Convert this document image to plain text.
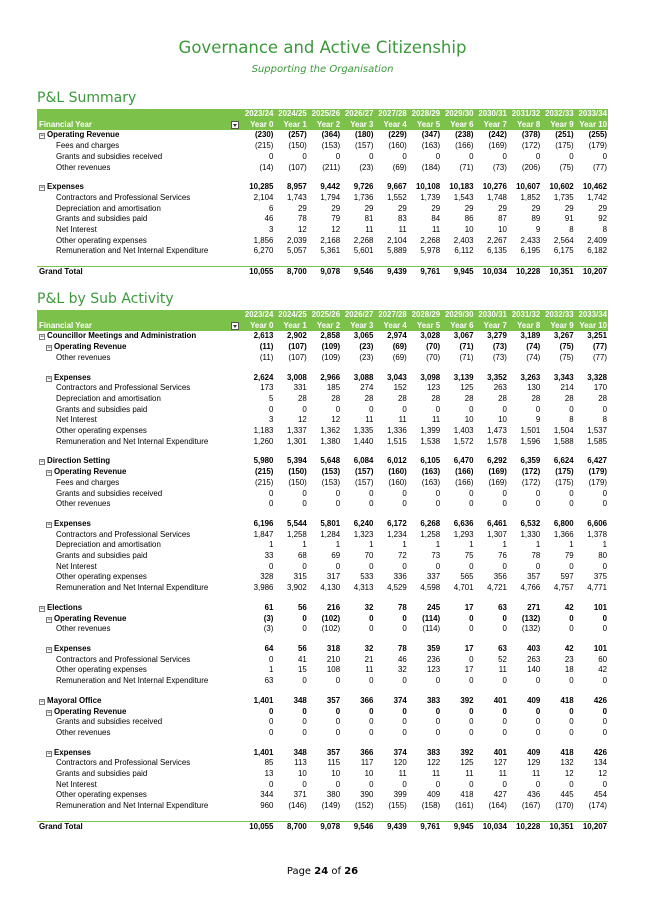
Governance and Active Citizenship
Supporting the Organisation
P&L Summary
	2023/24	2024/25	2025/26	2026/27	2027/28	2028/29	2029/30	2030/31	2031/32	2032/33	2033/34
Financial Year	Year 0	Year 1	Year 2	Year 3	Year 4	Year 5	Year 6	Year 7	Year 8	Year 9	Year 10
− Operating Revenue	(230)	(257)	(364)	(180)	(229)	(347)	(238)	(242)	(378)	(251)	(255)
Fees and charges	(215)	(150)	(153)	(157)	(160)	(163)	(166)	(169)	(172)	(175)	(179)
Grants and subsidies received	0	0	0	0	0	0	0	0	0	0	0
Other revenues	(14)	(107)	(211)	(23)	(69)	(184)	(71)	(73)	(206)	(75)	(77)

− Expenses	10,285	8,957	9,442	9,726	9,667	10,108	10,183	10,276	10,607	10,602	10,462
Contractors and Professional Services	2,104	1,743	1,794	1,736	1,552	1,739	1,543	1,748	1,852	1,735	1,742
Depreciation and amortisation	6	29	29	29	29	29	29	29	29	29	29
Grants and subsidies paid	46	78	79	81	83	84	86	87	89	91	92
Net Interest	3	12	12	11	11	11	10	10	9	8	8
Other operating expenses	1,856	2,039	2,168	2,268	2,104	2,268	2,403	2,267	2,433	2,564	2,409
Remuneration and Net Internal Expenditure	6,270	5,057	5,361	5,601	5,889	5,978	6,112	6,135	6,195	6,175	6,182

Grand Total	10,055	8,700	9,078	9,546	9,439	9,761	9,945	10,034	10,228	10,351	10,207
P&L by Sub Activity
	2023/24	2024/25	2025/26	2026/27	2027/28	2028/29	2029/30	2030/31	2031/32	2032/33	2033/34
Financial Year	Year 0	Year 1	Year 2	Year 3	Year 4	Year 5	Year 6	Year 7	Year 8	Year 9	Year 10
− Councillor Meetings and Administration	2,613	2,902	2,858	3,065	2,974	3,028	3,067	3,279	3,189	3,267	3,251
− Operating Revenue	(11)	(107)	(109)	(23)	(69)	(70)	(71)	(73)	(74)	(75)	(77)
Other revenues	(11)	(107)	(109)	(23)	(69)	(70)	(71)	(73)	(74)	(75)	(77)

− Expenses	2,624	3,008	2,966	3,088	3,043	3,098	3,139	3,352	3,263	3,343	3,328
Contractors and Professional Services	173	331	185	274	152	123	125	263	130	214	170
Depreciation and amortisation	5	28	28	28	28	28	28	28	28	28	28
Grants and subsidies paid	0	0	0	0	0	0	0	0	0	0	0
Net Interest	3	12	12	11	11	11	10	10	9	8	8
Other operating expenses	1,183	1,337	1,362	1,335	1,336	1,399	1,403	1,473	1,501	1,504	1,537
Remuneration and Net Internal Expenditure	1,260	1,301	1,380	1,440	1,515	1,538	1,572	1,578	1,596	1,588	1,585

− Direction Setting	5,980	5,394	5,648	6,084	6,012	6,105	6,470	6,292	6,359	6,624	6,427
− Operating Revenue	(215)	(150)	(153)	(157)	(160)	(163)	(166)	(169)	(172)	(175)	(179)
Fees and charges	(215)	(150)	(153)	(157)	(160)	(163)	(166)	(169)	(172)	(175)	(179)
Grants and subsidies received	0	0	0	0	0	0	0	0	0	0	0
Other revenues	0	0	0	0	0	0	0	0	0	0	0

− Expenses	6,196	5,544	5,801	6,240	6,172	6,268	6,636	6,461	6,532	6,800	6,606
Contractors and Professional Services	1,847	1,258	1,284	1,323	1,234	1,258	1,293	1,307	1,330	1,366	1,378
Depreciation and amortisation	1	1	1	1	1	1	1	1	1	1	1
Grants and subsidies paid	33	68	69	70	72	73	75	76	78	79	80
Net Interest	0	0	0	0	0	0	0	0	0	0	0
Other operating expenses	328	315	317	533	336	337	565	356	357	597	375
Remuneration and Net Internal Expenditure	3,986	3,902	4,130	4,313	4,529	4,598	4,701	4,721	4,766	4,757	4,771

− Elections	61	56	216	32	78	245	17	63	271	42	101
− Operating Revenue	(3)	0	(102)	0	0	(114)	0	0	(132)	0	0
Other revenues	(3)	0	(102)	0	0	(114)	0	0	(132)	0	0

− Expenses	64	56	318	32	78	359	17	63	403	42	101
Contractors and Professional Services	0	41	210	21	46	236	0	52	263	23	60
Other operating expenses	1	15	108	11	32	123	17	11	140	18	42
Remuneration and Net Internal Expenditure	63	0	0	0	0	0	0	0	0	0	0

− Mayoral Office	1,401	348	357	366	374	383	392	401	409	418	426
− Operating Revenue	0	0	0	0	0	0	0	0	0	0	0
Grants and subsidies received	0	0	0	0	0	0	0	0	0	0	0
Other revenues	0	0	0	0	0	0	0	0	0	0	0

− Expenses	1,401	348	357	366	374	383	392	401	409	418	426
Contractors and Professional Services	85	113	115	117	120	122	125	127	129	132	134
Grants and subsidies paid	13	10	10	10	11	11	11	11	11	12	12
Net Interest	0	0	0	0	0	0	0	0	0	0	0
Other operating expenses	344	371	380	390	399	409	418	427	436	445	454
Remuneration and Net Internal Expenditure	960	(146)	(149)	(152)	(155)	(158)	(161)	(164)	(167)	(170)	(174)

Grand Total	10,055	8,700	9,078	9,546	9,439	9,761	9,945	10,034	10,228	10,351	10,207
Page 24 of 26
